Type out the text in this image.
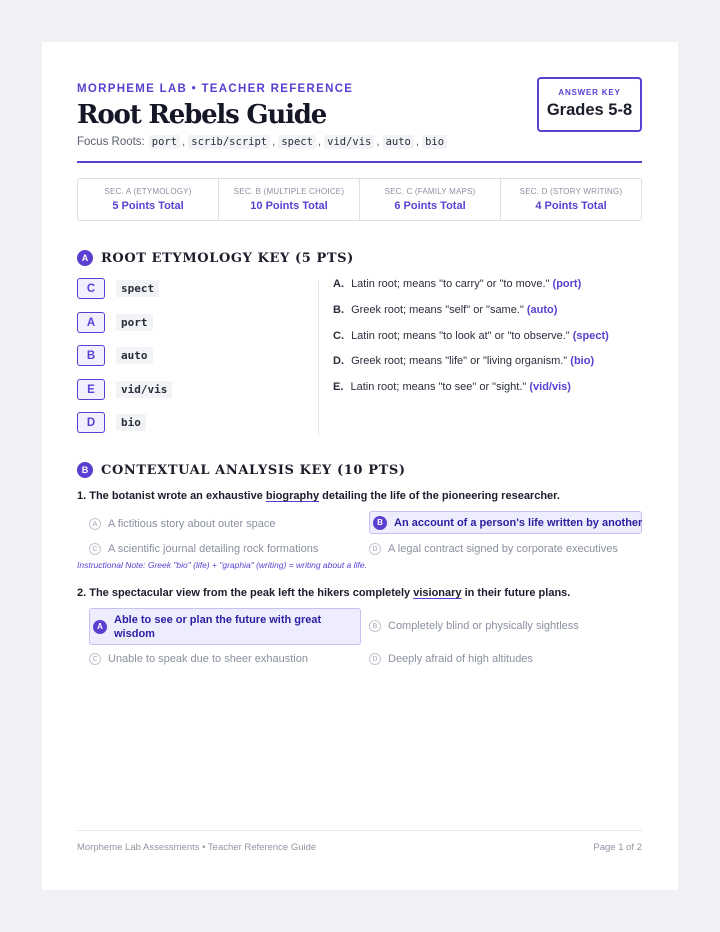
MORPHEME LAB • TEACHER REFERENCE
Root Rebels Guide
Focus Roots: port , scrib/script , spect , vid/vis , auto , bio
ANSWER KEY
Grades 5-8
SEC. A (ETYMOLOGY)
5 Points Total
SEC. B (MULTIPLE CHOICE)
10 Points Total
SEC. C (FAMILY MAPS)
6 Points Total
SEC. D (STORY WRITING)
4 Points Total
A ROOT ETYMOLOGY KEY (5 PTS)
C	spect
A	port
B	auto
E	vid/vis
D	bio
A. Latin root; means "to carry" or "to move." (port)
B. Greek root; means "self" or "same." (auto)
C. Latin root; means "to look at" or "to observe." (spect)
D. Greek root; means "life" or "living organism." (bio)
E. Latin root; means "to see" or "sight." (vid/vis)
B CONTEXTUAL ANALYSIS KEY (10 PTS)
1. The botanist wrote an exhaustive biography detailing the life of the pioneering researcher.
A A fictitious story about outer space	B	An account of a person's life written by another
C A scientific journal detailing rock formations	D A legal contract signed by corporate executives
Instructional Note: Greek "bio" (life) + "graphia" (writing) = writing about a life.
2. The spectacular view from the peak left the hikers completely visionary in their future plans.
A
Able to see or plan the future with great wisdom
B Completely blind or physically sightless
C Unable to speak due to sheer exhaustion	D Deeply afraid of high altitudes
Morpheme Lab Assessments • Teacher Reference Guide	Page 1 of 2
